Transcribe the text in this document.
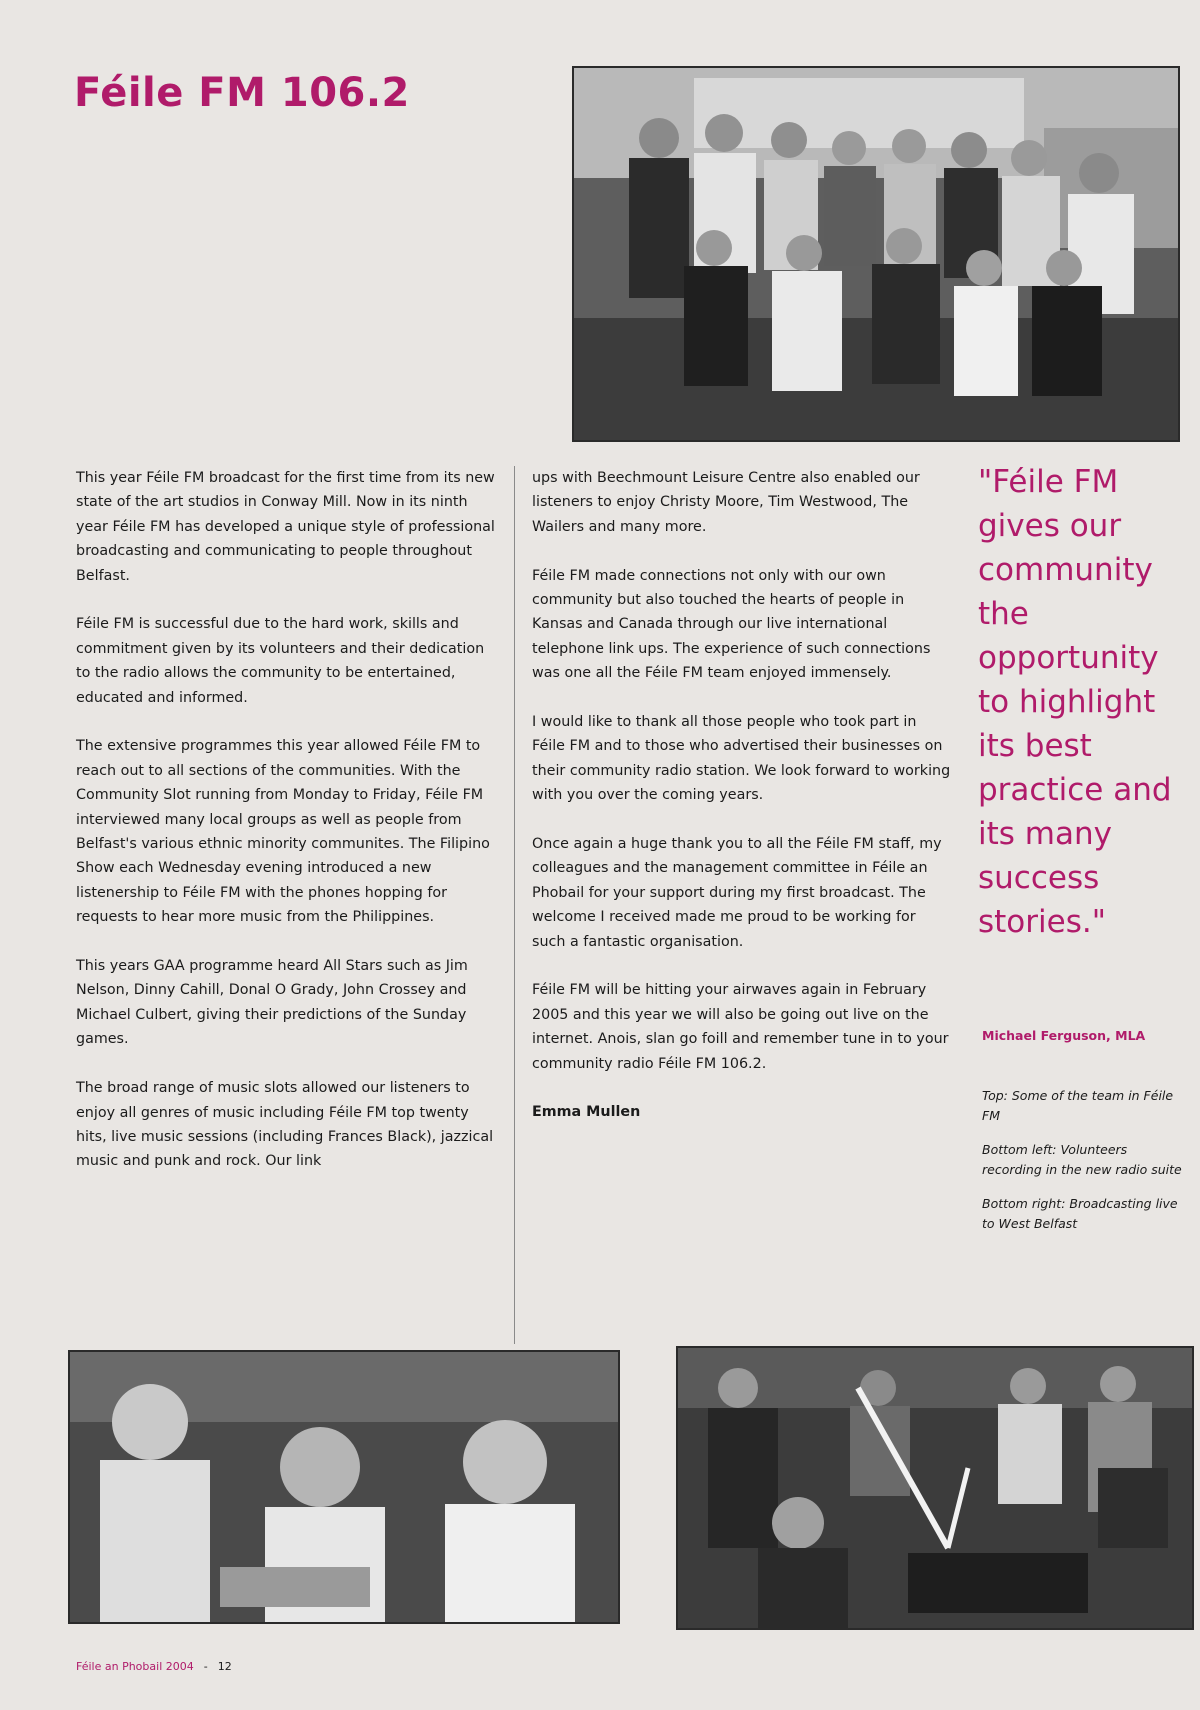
Féile FM 106.2

This year Féile FM broadcast for the first time from its new state of the art studios in Conway Mill. Now in its ninth year Féile FM has developed a unique style of professional broadcasting and communicating to people throughout Belfast.

Féile FM is successful due to the hard work, skills and commitment given by its volunteers and their dedication to the radio allows the community to be entertained, educated and informed.

The extensive programmes this year allowed Féile FM to reach out to all sections of the communities. With the Community Slot running from Monday to Friday, Féile FM interviewed many local groups as well as people from Belfast's various ethnic minority communites. The Filipino Show each Wednesday evening introduced a new listenership to Féile FM with the phones hopping for requests to hear more music from the Philippines.

This years GAA programme heard All Stars such as Jim Nelson, Dinny Cahill, Donal O Grady, John Crossey and Michael Culbert, giving their predictions of the Sunday games.

The broad range of music slots allowed our listeners to enjoy all genres of music including Féile FM top twenty hits, live music sessions (including Frances Black), jazzical music and punk and rock. Our link

ups with Beechmount Leisure Centre also enabled our listeners to enjoy Christy Moore, Tim Westwood, The Wailers and many more.

Féile FM made connections not only with our own community but also touched the hearts of people in Kansas and Canada through our live international telephone link ups. The experience of such connections was one all the Féile FM team enjoyed immensely.

I would like to thank all those people who took part in Féile FM and to those who advertised their businesses on their community radio station. We look forward to working with you over the coming years.

Once again a huge thank you to all the Féile FM staff, my colleagues and the management committee in Féile an Phobail for your support during my first broadcast. The welcome I received made me proud to be working for such a fantastic organisation.

Féile FM will be hitting your airwaves again in February 2005 and this year we will also be going out live on the internet. Anois, slan go foill and remember tune in to your community radio Féile FM 106.2.

Emma Mullen

"Féile FM gives our community the opportunity to highlight its best practice and its many success stories."

Michael Ferguson, MLA

Top: Some of the team in Féile FM

Bottom left: Volunteers recording in the new radio suite

Bottom right: Broadcasting live to West Belfast

Féile an Phobail 2004 - 12
